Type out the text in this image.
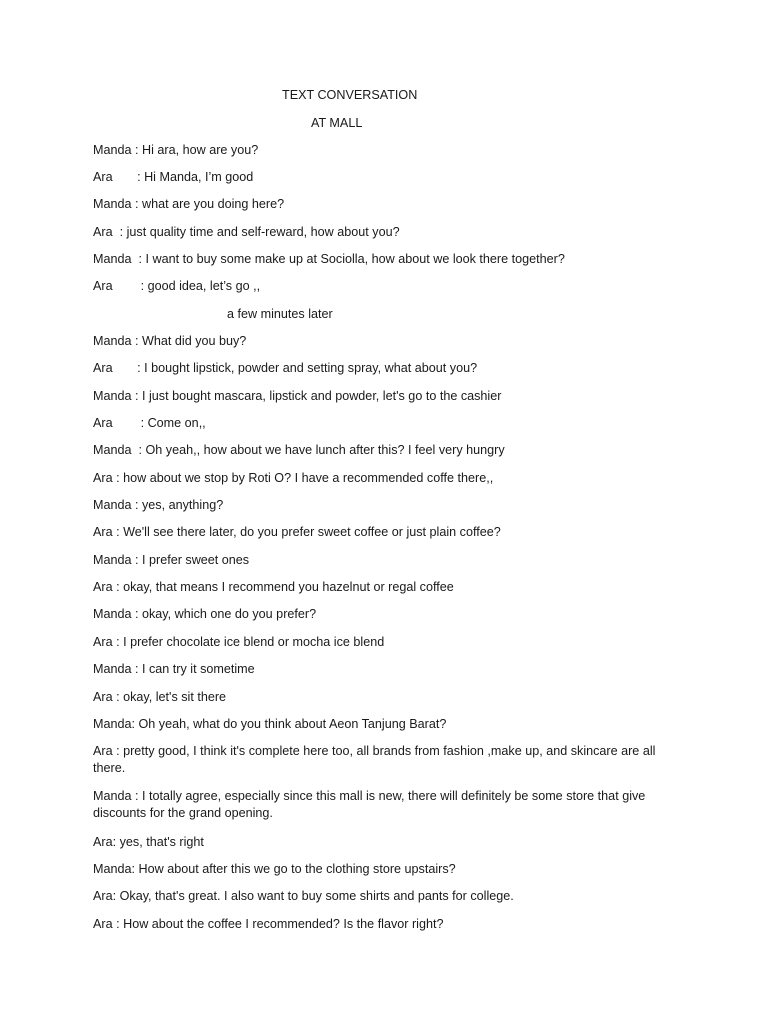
TEXT CONVERSATION
AT MALL
Manda : Hi ara, how are you?
Ara       : Hi Manda, I’m good
Manda : what are you doing here?
Ara  : just quality time and self-reward, how about you?
Manda  : I want to buy some make up at Sociolla, how about we look there together?
Ara        : good idea, let’s go ,,
a few minutes later
Manda : What did you buy?
Ara       : I bought lipstick, powder and setting spray, what about you?
Manda : I just bought mascara, lipstick and powder, let's go to the cashier
Ara        : Come on,,
Manda  : Oh yeah,, how about we have lunch after this? I feel very hungry
Ara : how about we stop by Roti O? I have a recommended coffe there,,
Manda : yes, anything?
Ara : We'll see there later, do you prefer sweet coffee or just plain coffee?
Manda : I prefer sweet ones
Ara : okay, that means I recommend you hazelnut or regal coffee
Manda : okay, which one do you prefer?
Ara : I prefer chocolate ice blend or mocha ice blend
Manda : I can try it sometime
Ara : okay, let's sit there
Manda: Oh yeah, what do you think about Aeon Tanjung Barat?
Ara : pretty good, I think it's complete here too, all brands from fashion ,make up, and skincare are all there.
Manda : I totally agree, especially since this mall is new, there will definitely be some store that give discounts for the grand opening.
Ara: yes, that's right
Manda: How about after this we go to the clothing store upstairs?
Ara: Okay, that's great. I also want to buy some shirts and pants for college.
Ara : How about the coffee I recommended? Is the flavor right?
